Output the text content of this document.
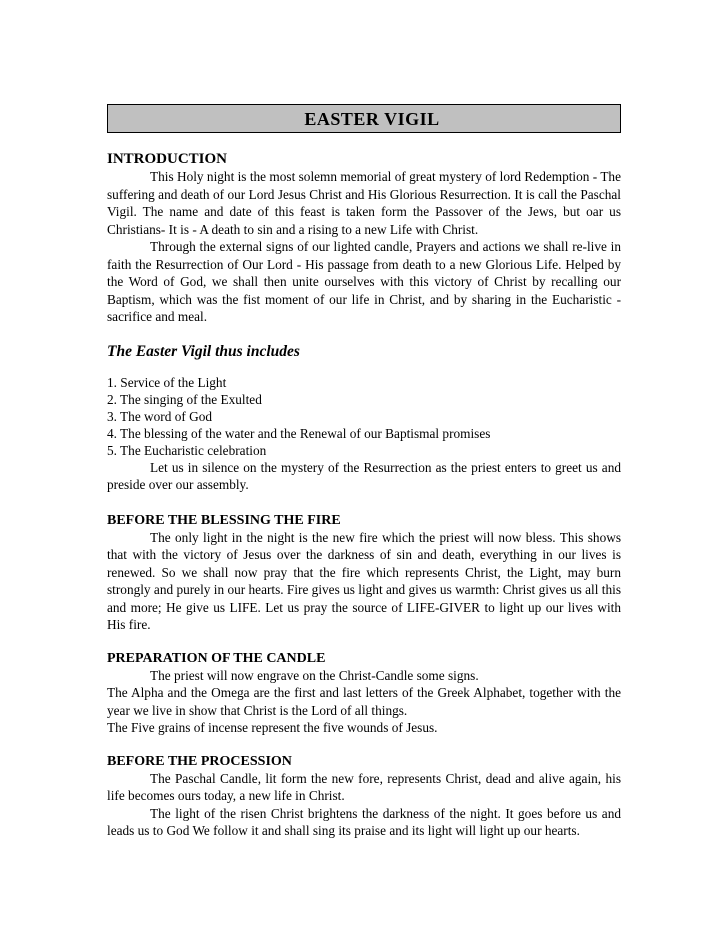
EASTER VIGIL
INTRODUCTION

This Holy night is the most solemn memorial of great mystery of lord Redemption - The suffering and death of our Lord Jesus Christ and His Glorious Resurrection. It is call the Paschal Vigil. The name and date of this feast is taken form the Passover of the Jews, but oar us Christians- It is - A death to sin and a rising to a new Life with Christ.

Through the external signs of our lighted candle, Prayers and actions we shall re-live in faith the Resurrection of Our Lord - His passage from death to a new Glorious Life. Helped by the Word of God, we shall then unite ourselves with this victory of Christ by recalling our Baptism, which was the fist moment of our life in Christ, and by sharing in the Eucharistic - sacrifice and meal.

The Easter Vigil thus includes
1. Service of the Light
2. The singing of the Exulted
3. The word of God
4. The blessing of the water and the Renewal of our Baptismal promises
5. The Eucharistic celebration

Let us in silence on the mystery of the Resurrection as the priest enters to greet us and preside over our assembly.

BEFORE THE BLESSING THE FIRE

The only light in the night is the new fire which the priest will now bless. This shows that with the victory of Jesus over the darkness of sin and death, everything in our lives is renewed. So we shall now pray that the fire which represents Christ, the Light, may burn strongly and purely in our hearts. Fire gives us light and gives us warmth: Christ gives us all this and more; He give us LIFE. Let us pray the source of LIFE-GIVER to light up our lives with His fire.

PREPARATION OF THE CANDLE

The priest will now engrave on the Christ-Candle some signs.

The Alpha and the Omega are the first and last letters of the Greek Alphabet, together with the year we live in show that Christ is the Lord of all things.

The Five grains of incense represent the five wounds of Jesus.

BEFORE THE PROCESSION

The Paschal Candle, lit form the new fore, represents Christ, dead and alive again, his life becomes ours today, a new life in Christ.

The light of the risen Christ brightens the darkness of the night. It goes before us and leads us to God We follow it and shall sing its praise and its light will light up our hearts.
